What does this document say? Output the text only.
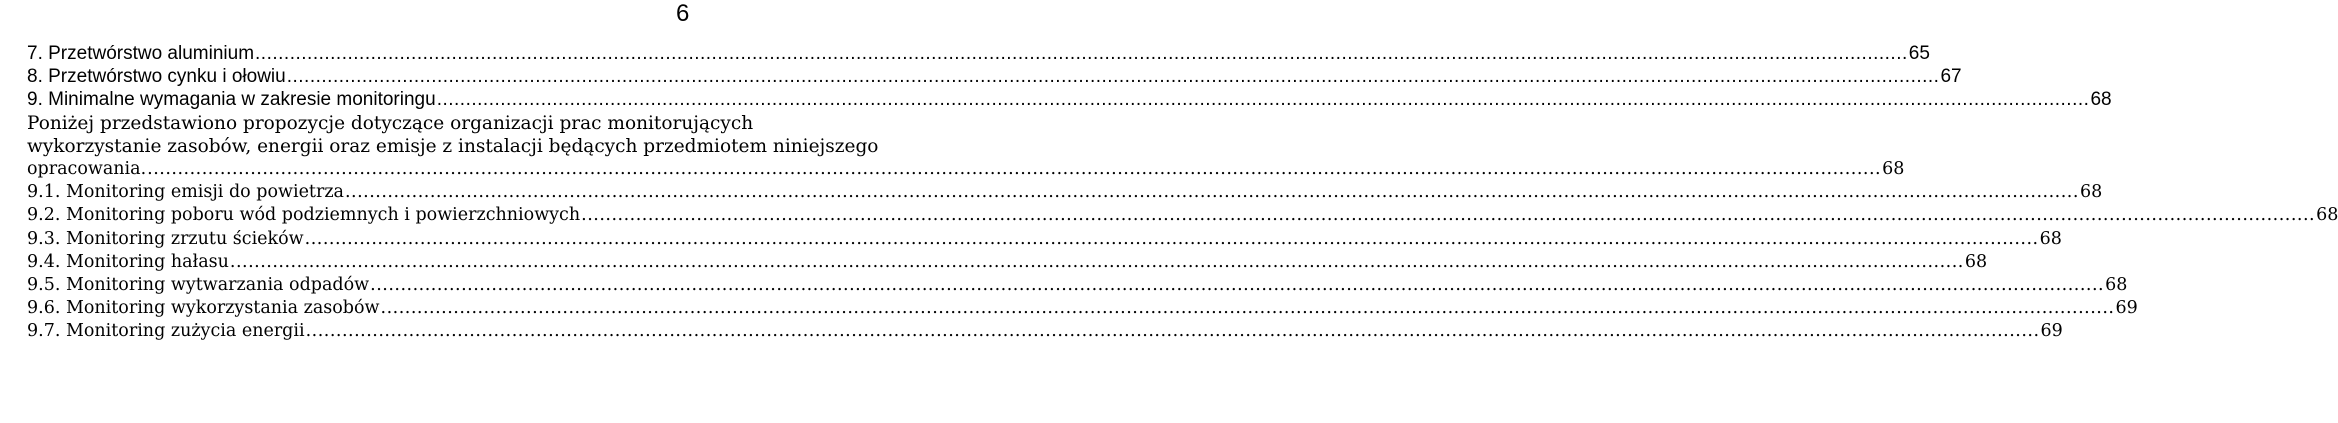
6
7. Przetwórstwo aluminium .....	65
8. Przetwórstwo cynku i ołowiu .....	67
9. Minimalne wymagania w zakresie monitoringu .....	68
Poniżej przedstawiono propozycje dotyczące organizacji prac monitorujących
wykorzystanie zasobów, energii oraz emisje z instalacji będących przedmiotem niniejszego
opracowania. .....	68
9.1. Monitoring emisji do powietrza .....	68
9.2. Monitoring poboru wód podziemnych i powierzchniowych .....	68
9.3. Monitoring zrzutu ścieków .....	68
9.4. Monitoring hałasu .....	68
9.5. Monitoring wytwarzania odpadów .....	68
9.6. Monitoring wykorzystania zasobów .....	69
9.7. Monitoring zużycia energii .....	69
